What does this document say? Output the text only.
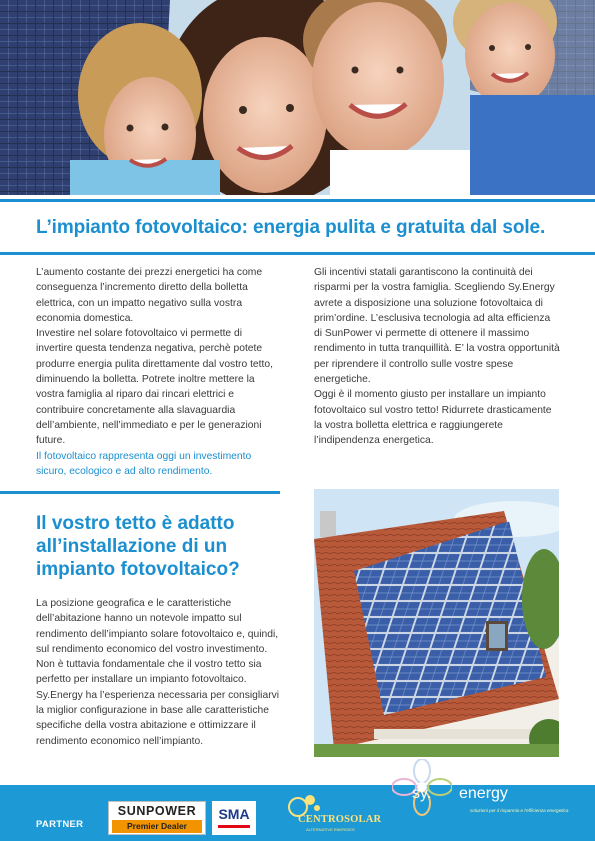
L’impianto fotovoltaico: energia pulita e gratuita dal sole.

L’aumento costante dei prezzi energetici ha come conseguenza l’incremento diretto della bolletta elettrica, con un impatto negativo sulla vostra economia domestica.

Investire nel solare fotovoltaico vi permette di invertire questa tendenza negativa, perchè potete produrre energia pulita direttamente dal vostro tetto, diminuendo la bolletta. Potrete inoltre mettere la vostra famiglia al riparo dai rincari elettrici e contribuire concretamente alla slavaguardia dell’ambiente, nell’immediato e per le generazioni future.

Il fotovoltaico rappresenta oggi un investimento sicuro, ecologico e ad alto rendimento.

Gli incentivi statali garantiscono la continuità dei risparmi per la vostra famiglia. Scegliendo Sy.Energy avrete a disposizione una soluzione fotovoltaica di prim’ordine. L’esclusiva tecnologia ad alta efficienza di SunPower vi permette di ottenere il massimo rendimento in tutta tranquillità. E’ la vostra opportunità per riprendere il controllo sulle vostre spese energetiche.

Oggi è il momento giusto per installare un impianto fotovoltaico sul vostro tetto! Ridurrete drasticamente la vostra bolletta elettrica e raggiungerete l’indipendenza energetica.

Il vostro tetto è adatto all’installazione di un impianto fotovoltaico?

La posizione geografica e le caratteristiche dell’abitazione hanno un notevole impatto sul rendimento dell’impianto solare fotovoltaico e, quindi, sul rendimento economico del vostro investimento. Non è tuttavia fondamentale che il vostro tetto sia perfetto per installare un impianto fotovoltaico. Sy.Energy ha l’esperienza necessaria per consigliarvi la miglior configurazione in base alle caratteristiche specifiche della vostra abitazione e ottimizzare il rendimento economico nell’impianto.

PARTNER
SUNPOWER
Premier Dealer
SMA	CENTROSOLAR
ALTERNATIVE ENERGIES
sy. energy
soluzioni per il risparmio e l'efficienza energetica
